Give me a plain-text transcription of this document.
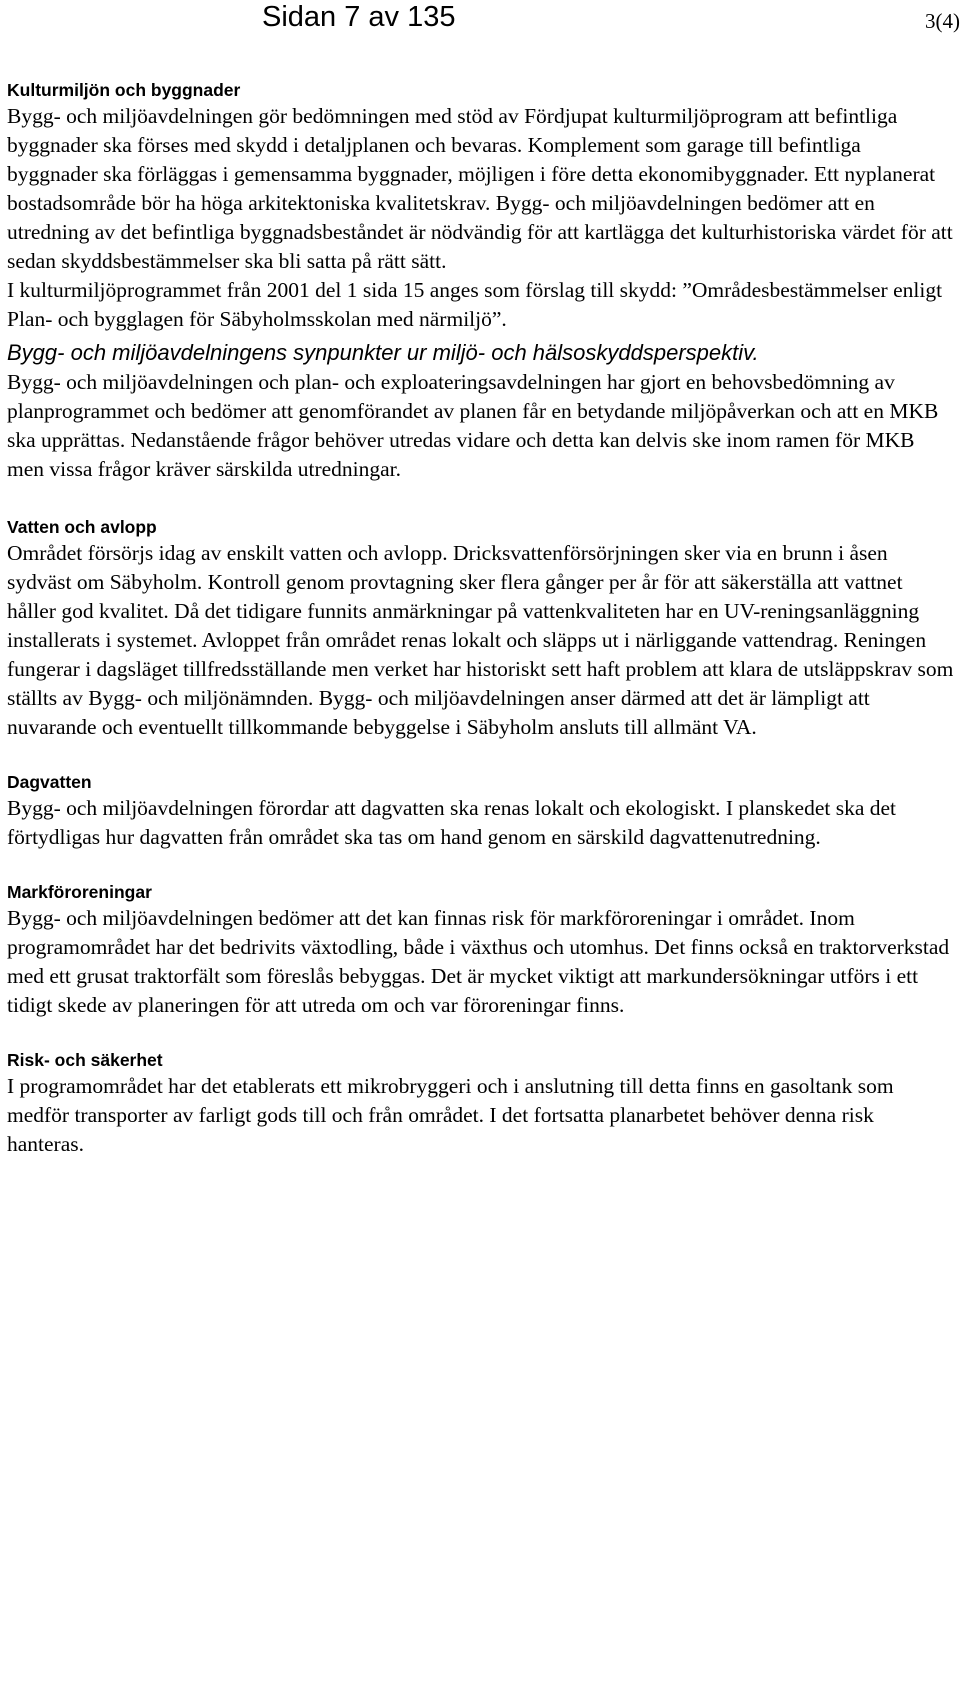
Sidan 7 av 135	3(4)
Kulturmiljön och byggnader

Bygg- och miljöavdelningen gör bedömningen med stöd av Fördjupat kulturmiljöprogram att befintliga byggnader ska förses med skydd i detaljplanen och bevaras. Komplement som garage till befintliga byggnader ska förläggas i gemensamma byggnader, möjligen i före detta ekonomibyggnader. Ett nyplanerat bostadsområde bör ha höga arkitektoniska kvalitetskrav. Bygg- och miljöavdelningen bedömer att en utredning av det befintliga byggnadsbeståndet är nödvändig för att kartlägga det kulturhistoriska värdet för att sedan skyddsbestämmelser ska bli satta på rätt sätt.

I kulturmiljöprogrammet från 2001 del 1 sida 15 anges som förslag till skydd: ”Områdesbestämmelser enligt Plan- och bygglagen för Säbyholmsskolan med närmiljö”.

Bygg- och miljöavdelningens synpunkter ur miljö- och hälsoskyddsperspektiv.

Bygg- och miljöavdelningen och plan- och exploateringsavdelningen har gjort en behovsbedömning av planprogrammet och bedömer att genomförandet av planen får en betydande miljöpåverkan och att en MKB ska upprättas. Nedanstående frågor behöver utredas vidare och detta kan delvis ske inom ramen för MKB men vissa frågor kräver särskilda utredningar.

Vatten och avlopp

Området försörjs idag av enskilt vatten och avlopp. Dricksvattenförsörjningen sker via en brunn i åsen sydväst om Säbyholm. Kontroll genom provtagning sker flera gånger per år för att säkerställa att vattnet håller god kvalitet. Då det tidigare funnits anmärkningar på vattenkvaliteten har en UV-reningsanläggning installerats i systemet. Avloppet från området renas lokalt och släpps ut i närliggande vattendrag. Reningen fungerar i dagsläget tillfredsställande men verket har historiskt sett haft problem att klara de utsläppskrav som ställts av Bygg- och miljönämnden. Bygg- och miljöavdelningen anser därmed att det är lämpligt att nuvarande och eventuellt tillkommande bebyggelse i Säbyholm ansluts till allmänt VA.

Dagvatten

Bygg- och miljöavdelningen förordar att dagvatten ska renas lokalt och ekologiskt. I planskedet ska det förtydligas hur dagvatten från området ska tas om hand genom en särskild dagvattenutredning.

Markföroreningar

Bygg- och miljöavdelningen bedömer att det kan finnas risk för markföroreningar i området. Inom programområdet har det bedrivits växtodling, både i växthus och utomhus. Det finns också en traktorverkstad med ett grusat traktorfält som föreslås bebyggas. Det är mycket viktigt att markundersökningar utförs i ett tidigt skede av planeringen för att utreda om och var föroreningar finns.

Risk- och säkerhet

I programområdet har det etablerats ett mikrobryggeri och i anslutning till detta finns en gasoltank som medför transporter av farligt gods till och från området. I det fortsatta planarbetet behöver denna risk hanteras.
